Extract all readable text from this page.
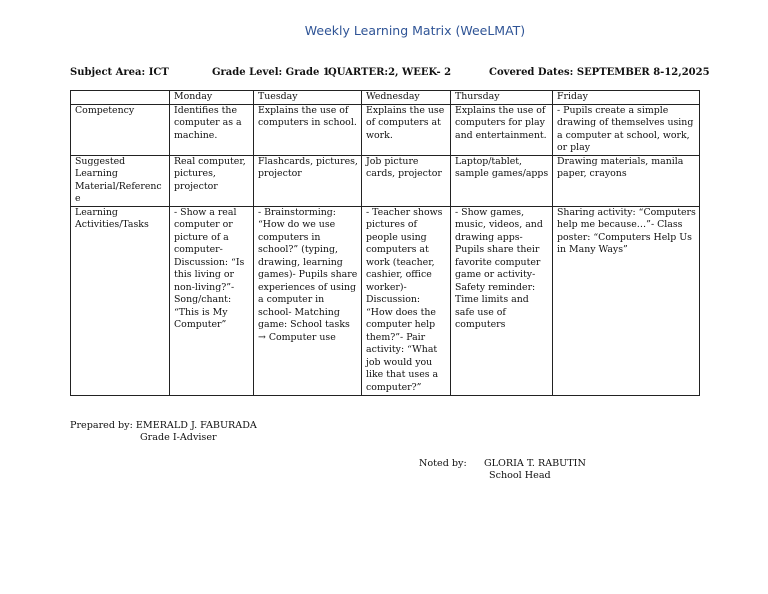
Weekly Learning Matrix (WeeLMAT)
Subject Area: ICT	Grade Level: Grade 1
QUARTER:2, WEEK- 2	Covered Dates: SEPTEMBER 8-12,2025
	Monday	Tuesday	Wednesday	Thursday	Friday
Competency	Identifies the computer as a machine.	Explains the use of computers in school.	Explains the use of computers at work.	Explains the use of computers for play and entertainment.	- Pupils create a simple drawing of themselves using a computer at school, work, or play
Suggested Learning Material/Reference	Real computer, pictures, projector	Flashcards, pictures, projector	Job picture cards, projector	Laptop/tablet, sample games/apps	Drawing materials, manila paper, crayons
Learning Activities/Tasks	- Show a real computer or picture of a computer- Discussion: “Is this living or non-living?”- Song/chant: “This is My Computer”	- Brainstorming: “How do we use computers in school?” (typing, drawing, learning games)- Pupils share experiences of using a computer in school- Matching game: School tasks → Computer use	- Teacher shows pictures of people using computers at work (teacher, cashier, office worker)- Discussion: “How does the computer help them?”- Pair activity: “What job would you like that uses a computer?”	- Show games, music, videos, and drawing apps- Pupils share their favorite computer game or activity- Safety reminder: Time limits and safe use of computers	Sharing activity: “Computers help me because…”- Class poster: “Computers Help Us in Many Ways”
Prepared by: EMERALD J. FABURADA
Grade I-Adviser
Noted by: GLORIA T. RABUTIN
School Head
